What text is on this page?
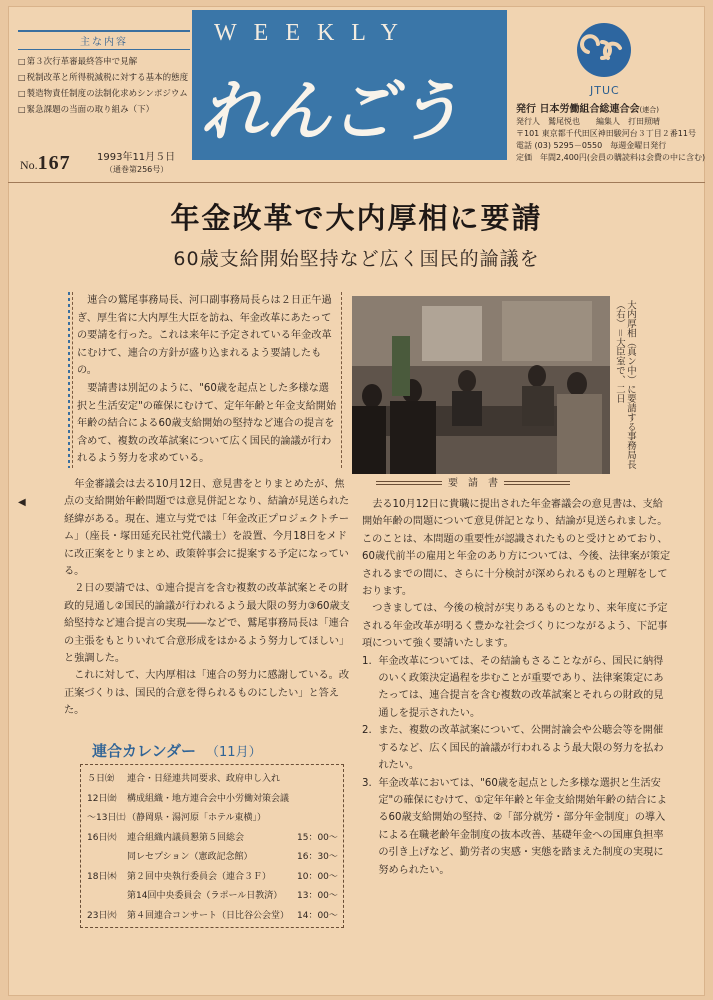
主な内容
□ 第３次行革審最終答申で見解
□ 税制改革と所得税減税に対する基本的態度
□ 製造物責任制度の法制化求めシンポジウム
□ 緊急課題の当面の取り組み（下）
No.167	1993年11月５日
（通巻第256号）
WEEKLY
れんごう	JTUC
発行 日本労働組合総連合会(連合)
発行人　鷲尾悦也　　編集人　打田照晴
〒101 東京都千代田区神田駿河台３丁目２番11号
電話 (03) 5295－0550　毎週金曜日発行
定価　年間2,400円(会員の購読料は会費の中に含む)
年金改革で大内厚相に要請
60歳支給開始堅持など広く国民的論議を

連合の鷲尾事務局長、河口副事務局長らは２日正午過ぎ、厚生省に大内厚生大臣を訪ね、年金改革にあたっての要請を行った。これは来年に予定されている年金改革にむけて、連合の方針が盛り込まれるよう要請したもの。

要請書は別記のように、"60歳を起点とした多様な選択と生活安定"の確保にむけて、定年年齢と年金支給開始年齢の結合による60歳支給開始の堅持など連合の提言を含めて、複数の改革試案について広く国民的論議が行われるよう努力を求めている。	大内厚相（真ン中）に要請する事務局長（右）＝大臣室で、二日
要　請　書
◀

年金審議会は去る10月12日、意見書をとりまとめたが、焦点の支給開始年齢問題では意見併記となり、結論が見送られた経緯がある。現在、連立与党では「年金改正プロジェクトチーム」（座長・塚田延充民社党代議士）を設置、今月18日をメドに改正案をとりまとめ、政策幹事会に提案する予定になっている。

２日の要請では、①連合提言を含む複数の改革試案とその財政的見通し②国民的論議が行われるよう最大限の努力③60歳支給堅持など連合提言の実現――などで、鷲尾事務局長は「連合の主張をもとりいれて合意形成をはかるよう努力してほしい」と強調した。

これに対して、大内厚相は「連合の努力に感謝している。改正案づくりは、国民的合意を得られるものにしたい」と答えた。

去る10月12日に貴職に提出された年金審議会の意見書は、支給開始年齢の問題について意見併記となり、結論が見送られました。このことは、本問題の重要性が認識されたものと受けとめており、60歳代前半の雇用と年金のあり方については、今後、法律案が策定されるまでの間に、さらに十分検討が深められるものと理解をしております。

つきましては、今後の検討が実りあるものとなり、来年度に予定される年金改革が明るく豊かな社会づくりにつながるよう、下記事項について強く要請いたします。

1. 年金改革については、その結論もさることながら、国民に納得のいく政策決定過程を歩むことが重要であり、法律案策定にあたっては、連合提言を含む複数の改革試案とそれらの財政的見通しを提示されたい。

2. また、複数の改革試案について、公開討論会や公聴会等を開催するなど、広く国民的論議が行われるよう最大限の努力を払われたい。

3. 年金改革においては、"60歳を起点とした多様な選択と生活安定"の確保にむけて、①定年年齢と年金支給開始年齢の結合による60歳支給開始の堅持、②「部分就労・部分年金制度」の導入による在職老齢年金制度の抜本改善、基礎年金への国庫負担率の引き上げなど、勤労者の実感・実態を踏まえた制度の実現に努められたい。

連合カレンダー （11月）
５日㈮ 連合・日経連共同要求、政府申し入れ
12日㈮ 構成組織・地方連合会中小労働対策会議
～13日㈯ （静岡県・湯河原「ホテル東横」）
16日㈫ 連合組織内議員懇第５回総会	15：00～
同レセプション（憲政記念館）	16：30～
18日㈭ 第２回中央執行委員会（連合３Ｆ）	10：00～
第14回中央委員会（ラポール日教済） 13：00～
23日㈫ 第４回連合コンサート（日比谷公会堂） 14：00～
